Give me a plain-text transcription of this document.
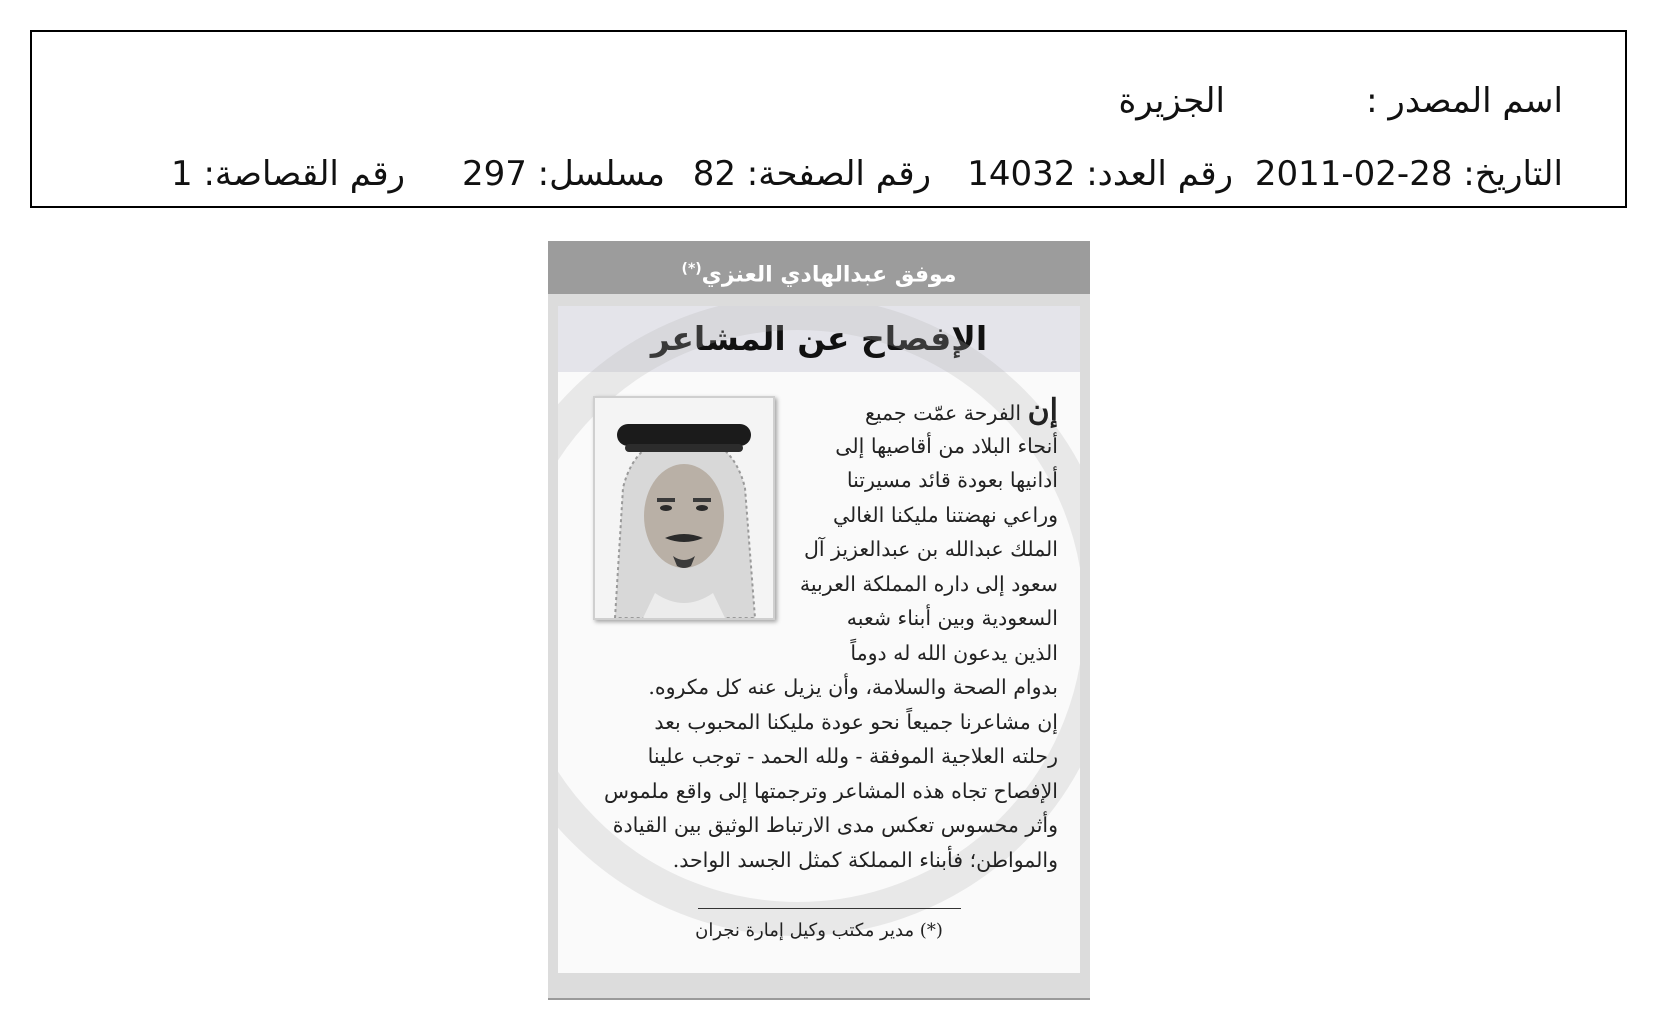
اسم المصدر :
الجزيرة
التاريخ: 28-02-2011
رقم العدد: 14032
رقم الصفحة: 82
مسلسل: 297
رقم القصاصة: 1
موفق عبدالهادي العنزي(*)
الإفصاح عن المشاعر
إن الفرحة عمّت جميع
أنحاء البلاد من أقاصيها إلى
أدانيها بعودة قائد مسيرتنا
وراعي نهضتنا مليكنا الغالي
الملك عبدالله بن عبدالعزيز آل
سعود إلى داره المملكة العربية
السعودية وبين أبناء شعبه
الذين يدعون الله له دوماً
بدوام الصحة والسلامة، وأن يزيل عنه كل مكروه.
إن مشاعرنا جميعاً نحو عودة مليكنا المحبوب بعد
رحلته العلاجية الموفقة - ولله الحمد - توجب علينا
الإفصاح تجاه هذه المشاعر وترجمتها إلى واقع ملموس
وأثر محسوس تعكس مدى الارتباط الوثيق بين القيادة
والمواطن؛ فأبناء المملكة كمثل الجسد الواحد.
(*) مدير مكتب وكيل إمارة نجران
